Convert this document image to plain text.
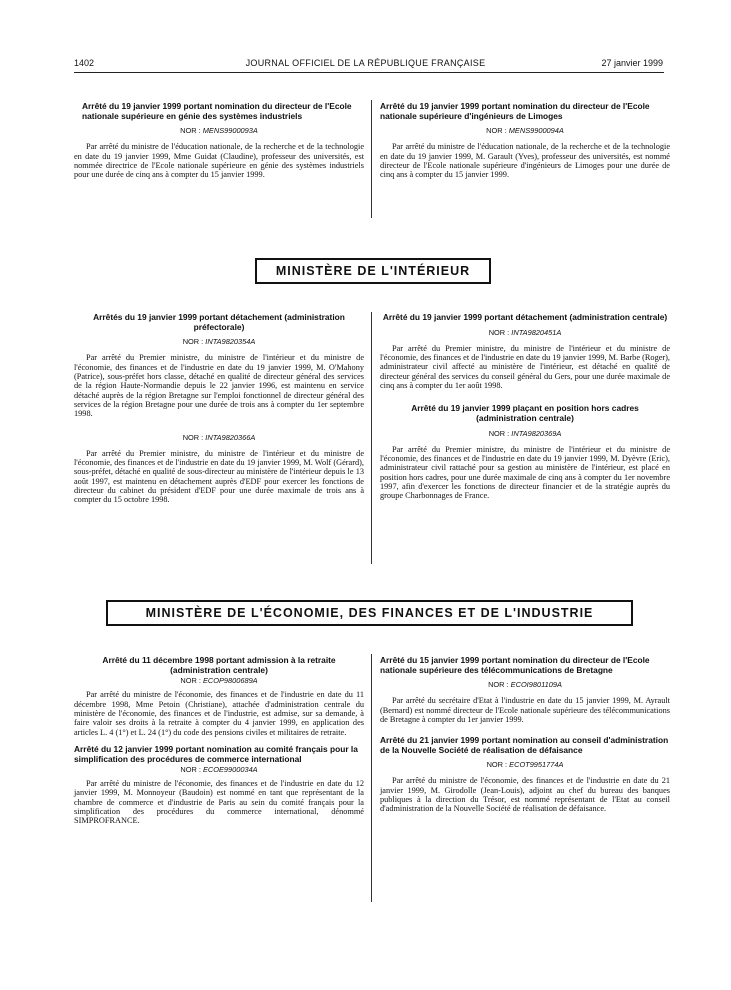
1402	JOURNAL OFFICIEL DE LA RÉPUBLIQUE FRANÇAISE	27 janvier 1999

Arrêté du 19 janvier 1999 portant nomination du directeur de l'Ecole nationale supérieure en génie des systèmes industriels

NOR : MENS9900093A

Par arrêté du ministre de l'éducation nationale, de la recherche et de la technologie en date du 19 janvier 1999, Mme Guidat (Claudine), professeur des universités, est nommée directrice de l'Ecole nationale supérieure en génie des systèmes industriels pour une durée de cinq ans à compter du 15 janvier 1999.

Arrêté du 19 janvier 1999 portant nomination du directeur de l'Ecole nationale supérieure d'ingénieurs de Limoges

NOR : MENS9900094A

Par arrêté du ministre de l'éducation nationale, de la recherche et de la technologie en date du 19 janvier 1999, M. Garault (Yves), professeur des universités, est nommé directeur de l'Ecole nationale supérieure d'ingénieurs de Limoges pour une durée de cinq ans à compter du 15 janvier 1999.

MINISTÈRE DE L'INTÉRIEUR

Arrêtés du 19 janvier 1999 portant détachement (administration préfectorale)

NOR : INTA9820354A

Par arrêté du Premier ministre, du ministre de l'intérieur et du ministre de l'économie, des finances et de l'industrie en date du 19 janvier 1999, M. O'Mahony (Patrice), sous-préfet hors classe, détaché en qualité de directeur général des services de la région Haute-Normandie depuis le 22 janvier 1996, est maintenu en service détaché auprès de la région Bretagne sur l'emploi fonctionnel de directeur général des services de la région Bretagne pour une durée de trois ans à compter du 1er septembre 1998.

NOR : INTA9820366A

Par arrêté du Premier ministre, du ministre de l'intérieur et du ministre de l'économie, des finances et de l'industrie en date du 19 janvier 1999, M. Wolf (Gérard), sous-préfet, détaché en qualité de sous-directeur au ministère de l'intérieur depuis le 13 août 1997, est maintenu en détachement auprès d'EDF pour exercer les fonctions de directeur du cabinet du président d'EDF pour une durée maximale de trois ans à compter du 15 octobre 1998.

Arrêté du 19 janvier 1999 portant détachement (administration centrale)

NOR : INTA9820451A

Par arrêté du Premier ministre, du ministre de l'intérieur et du ministre de l'économie, des finances et de l'industrie en date du 19 janvier 1999, M. Barbe (Roger), administrateur civil affecté au ministère de l'intérieur, est détaché en qualité de directeur général des services du conseil général du Gers, pour une durée maximale de cinq ans à compter du 1er août 1998.

Arrêté du 19 janvier 1999 plaçant en position hors cadres (administration centrale)

NOR : INTA9820369A

Par arrêté du Premier ministre, du ministre de l'intérieur et du ministre de l'économie, des finances et de l'industrie en date du 19 janvier 1999, M. Dyèvre (Eric), administrateur civil rattaché pour sa gestion au ministère de l'intérieur, est placé en position hors cadres, pour une durée maximale de cinq ans à compter du 1er novembre 1997, afin d'exercer les fonctions de directeur financier et de la stratégie auprès du groupe Charbonnages de France.

MINISTÈRE DE L'ÉCONOMIE, DES FINANCES ET DE L'INDUSTRIE

Arrêté du 11 décembre 1998 portant admission à la retraite (administration centrale)

NOR : ECOP9800689A

Par arrêté du ministre de l'économie, des finances et de l'industrie en date du 11 décembre 1998, Mme Petoin (Christiane), attachée d'administration centrale du ministère de l'économie, des finances et de l'industrie, est admise, sur sa demande, à faire valoir ses droits à la retraite à compter du 4 janvier 1999, en application des articles L. 4 (1°) et L. 24 (1°) du code des pensions civiles et militaires de retraite.

Arrêté du 12 janvier 1999 portant nomination au comité français pour la simplification des procédures de commerce international

NOR : ECOE9900034A

Par arrêté du ministre de l'économie, des finances et de l'industrie en date du 12 janvier 1999, M. Monnoyeur (Baudoin) est nommé en tant que représentant de la chambre de commerce et d'industrie de Paris au sein du comité français pour la simplification des procédures du commerce international, dénommé SIMPROFRANCE.

Arrêté du 15 janvier 1999 portant nomination du directeur de l'Ecole nationale supérieure des télécommunications de Bretagne

NOR : ECOI9801109A

Par arrêté du secrétaire d'Etat à l'industrie en date du 15 janvier 1999, M. Ayrault (Bernard) est nommé directeur de l'Ecole nationale supérieure des télécommunications de Bretagne à compter du 1er janvier 1999.

Arrêté du 21 janvier 1999 portant nomination au conseil d'administration de la Nouvelle Société de réalisation de défaisance

NOR : ECOT9951774A

Par arrêté du ministre de l'économie, des finances et de l'industrie en date du 21 janvier 1999, M. Girodolle (Jean-Louis), adjoint au chef du bureau des banques publiques à la direction du Trésor, est nommé représentant de l'Etat au conseil d'administration de la Nouvelle Société de réalisation de défaisance.
